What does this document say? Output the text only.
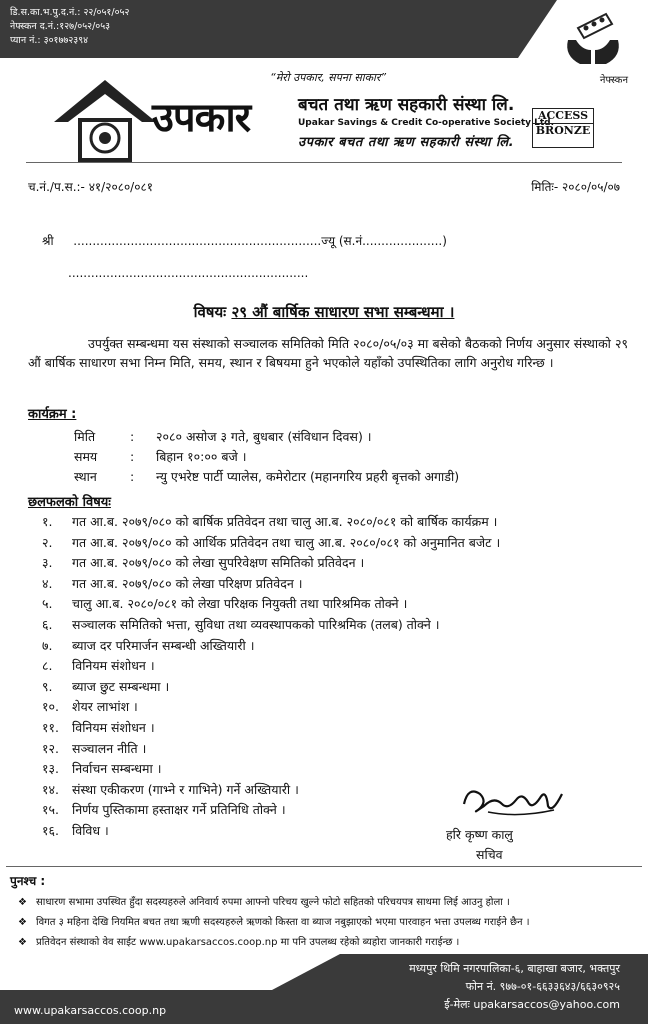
डि.स.का.भ.पु.द.नं.: २२/०५१/०५२
नेफ्स्कन द.नं.:१२७/०५२/०५३
प्यान नं.: ३०१७७२३९४
नेफ्स्कन
“मेरो उपकार, सपना साकार”
उपकार	बचत तथा ऋण सहकारी संस्था लि.
Upakar Savings & Credit Co-operative Society Ltd.
उपकार बचत तथा ऋण सहकारी संस्था लि.
ACCESS
BRONZE
च.नं./प.स.:- ४१/२०८०/०८१	मितिः- २०८०/०५/०७
श्री .................................................................ज्यू (स.नं.....................)
...............................................................
विषयः २९ औं बार्षिक साधारण सभा सम्बन्धमा ।
उपर्युक्त सम्बन्धमा यस संस्थाको सञ्चालक समितिको मिति २०८०/०५/०३ मा बसेको बैठकको निर्णय अनुसार संस्थाको २९ औं बार्षिक साधारण सभा निम्न मिति, समय, स्थान र बिषयमा हुने भएकोले यहाँको उपस्थितिका लागि अनुरोध गरिन्छ ।
कार्यक्रम :
मिति	: २०८० असोज ३ गते, बुधबार (संविधान दिवस) ।
समय	: बिहान १०:०० बजे ।
स्थान	: न्यु एभरेष्ट पार्टी प्यालेस, कमेरोटार (महानगरिय प्रहरी बृत्तको अगाडी)
छलफलको विषयः
१. गत आ.ब. २०७९/०८० को बार्षिक प्रतिवेदन तथा चालु आ.ब. २०८०/०८१ को बार्षिक कार्यक्रम ।
२. गत आ.ब. २०७९/०८० को आर्थिक प्रतिवेदन तथा चालु आ.ब. २०८०/०८१ को अनुमानित बजेट ।
३. गत आ.ब. २०७९/०८० को लेखा सुपरिवेक्षण समितिको प्रतिवेदन ।
४. गत आ.ब. २०७९/०८० को लेखा परिक्षण प्रतिवेदन ।
५. चालु आ.ब. २०८०/०८१ को लेखा परिक्षक नियुक्ती तथा पारिश्रमिक तोक्ने ।
६. सञ्चालक समितिको भत्ता, सुविधा तथा व्यवस्थापकको पारिश्रमिक (तलब) तोक्ने ।
७. ब्याज दर परिमार्जन सम्बन्धी अख्तियारी ।
८. विनियम संशोधन ।
९. ब्याज छुट सम्बन्धमा ।
१०. शेयर लाभांश ।
११. विनियम संशोधन ।
१२. सञ्चालन नीति ।
१३. निर्वाचन सम्बन्धमा ।
१४. संस्था एकीकरण (गाभ्ने र गाभिने) गर्ने अख्तियारी ।
१५. निर्णय पुस्तिकामा हस्ताक्षर गर्ने प्रतिनिधि तोक्ने ।
१६. विविध ।	हरि कृष्ण कालु
सचिव
पुनश्च :
❖ साधारण सभामा उपस्थित हुँदा सदस्यहरुले अनिवार्य रुपमा आफ्नो परिचय खुल्ने फोटो सहितको परिचयपत्र साथमा लिई आउनु होला ।
❖ विगत ३ महिना देखि नियमित बचत तथा ऋणी सदस्यहरुले ऋणको किस्ता वा ब्याज नबुझाएको भएमा पारवाहन भत्ता उपलब्ध गराईने छैन ।
❖ प्रतिवेदन संस्थाको वेव साईट www.upakarsaccos.coop.np मा पनि उपलब्ध रहेको ब्यहोरा जानकारी गराईन्छ ।
मध्यपुर थिमि नगरपालिका-६, बाहाखा बजार, भक्तपुर
फोन नं. ९७७-०१-६६३३६४३/६६३०९२५
ई-मेलः upakarsaccos@yahoo.com
www.upakarsaccos.coop.np
